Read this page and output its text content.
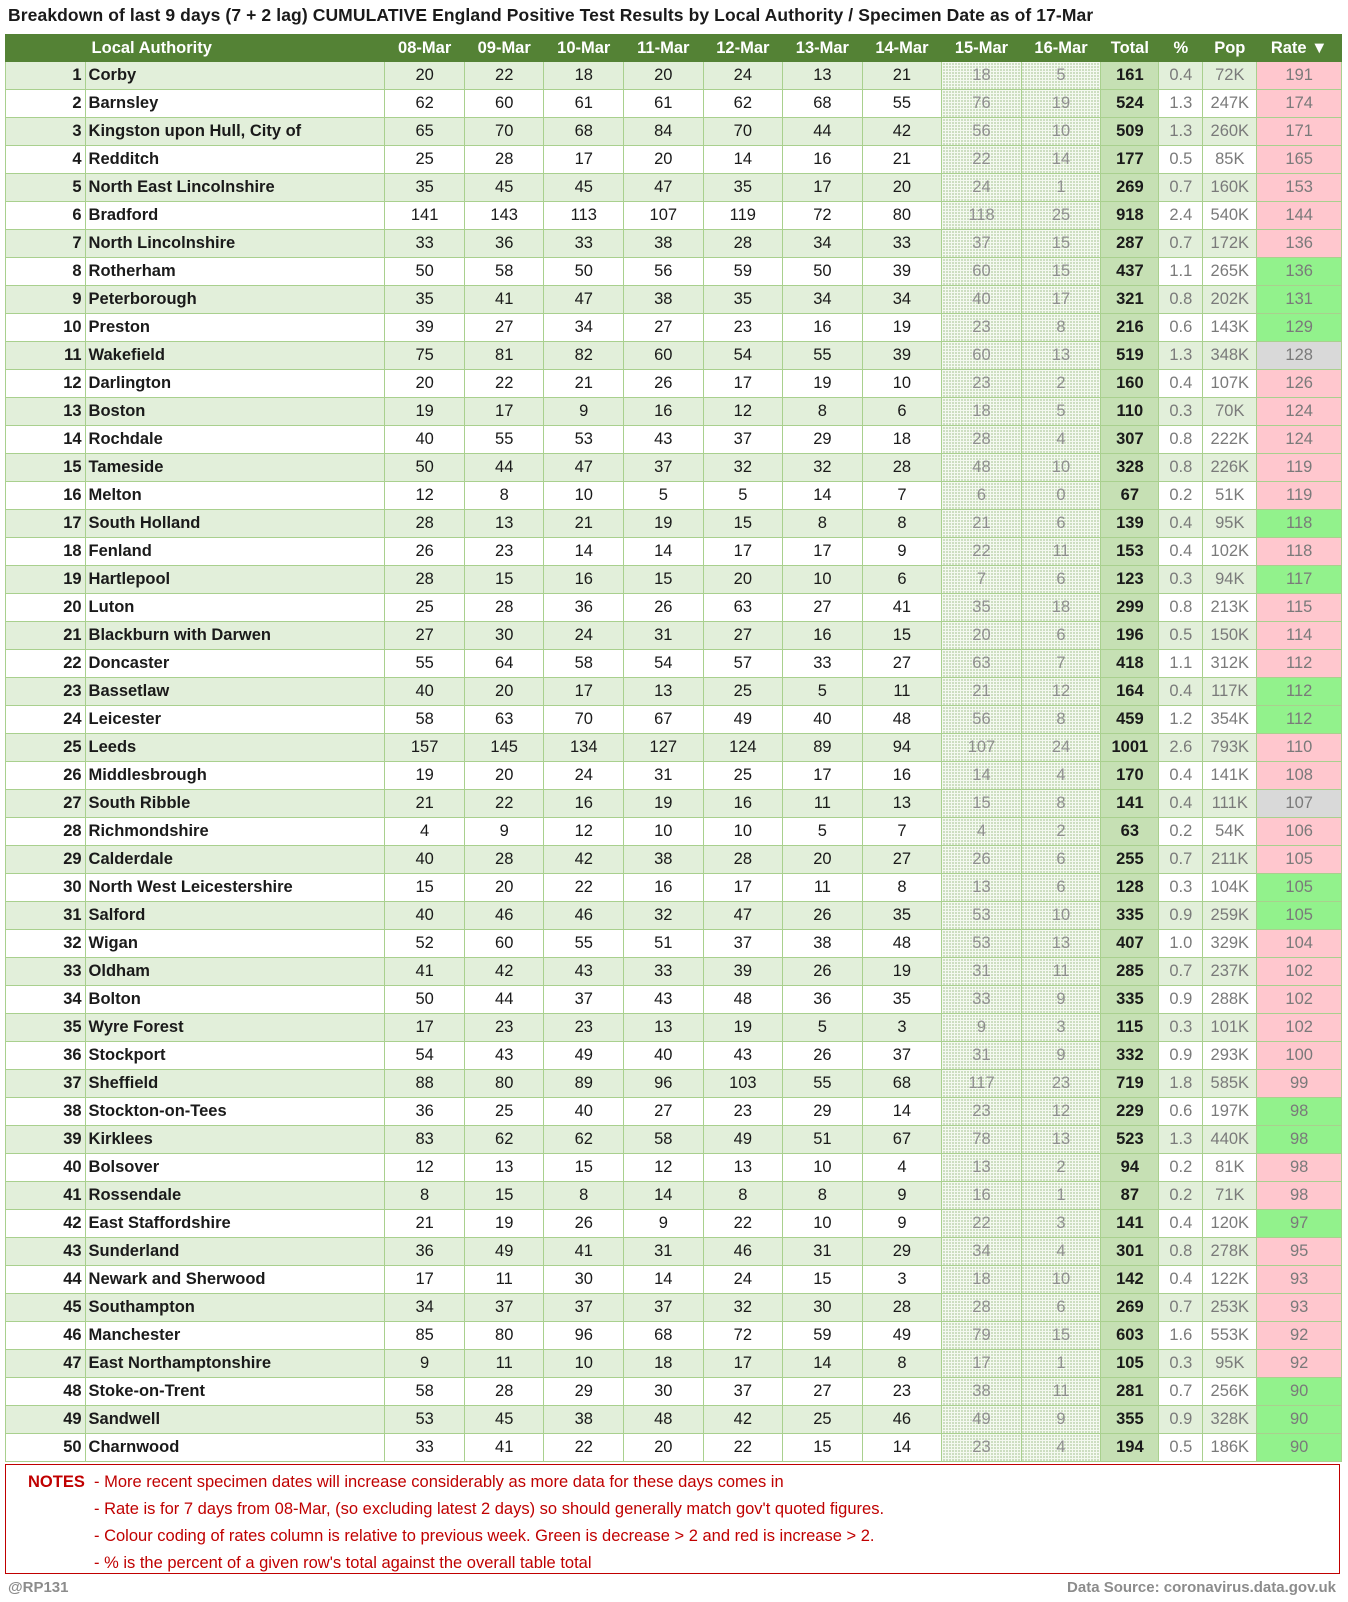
Breakdown of last 9 days (7 + 2 lag) CUMULATIVE England Positive Test Results by Local Authority / Specimen Date as of 17-Mar
	Local Authority	08-Mar	09-Mar	10-Mar	11-Mar	12-Mar	13-Mar	14-Mar	15-Mar	16-Mar	Total	%	Pop	Rate ▼
1	Corby	20	22	18	20	24	13	21	18	5	161	0.4	72K	191
2	Barnsley	62	60	61	61	62	68	55	76	19	524	1.3	247K	174
3	Kingston upon Hull, City of	65	70	68	84	70	44	42	56	10	509	1.3	260K	171
4	Redditch	25	28	17	20	14	16	21	22	14	177	0.5	85K	165
5	North East Lincolnshire	35	45	45	47	35	17	20	24	1	269	0.7	160K	153
6	Bradford	141	143	113	107	119	72	80	118	25	918	2.4	540K	144
7	North Lincolnshire	33	36	33	38	28	34	33	37	15	287	0.7	172K	136
8	Rotherham	50	58	50	56	59	50	39	60	15	437	1.1	265K	136
9	Peterborough	35	41	47	38	35	34	34	40	17	321	0.8	202K	131
10	Preston	39	27	34	27	23	16	19	23	8	216	0.6	143K	129
11	Wakefield	75	81	82	60	54	55	39	60	13	519	1.3	348K	128
12	Darlington	20	22	21	26	17	19	10	23	2	160	0.4	107K	126
13	Boston	19	17	9	16	12	8	6	18	5	110	0.3	70K	124
14	Rochdale	40	55	53	43	37	29	18	28	4	307	0.8	222K	124
15	Tameside	50	44	47	37	32	32	28	48	10	328	0.8	226K	119
16	Melton	12	8	10	5	5	14	7	6	0	67	0.2	51K	119
17	South Holland	28	13	21	19	15	8	8	21	6	139	0.4	95K	118
18	Fenland	26	23	14	14	17	17	9	22	11	153	0.4	102K	118
19	Hartlepool	28	15	16	15	20	10	6	7	6	123	0.3	94K	117
20	Luton	25	28	36	26	63	27	41	35	18	299	0.8	213K	115
21	Blackburn with Darwen	27	30	24	31	27	16	15	20	6	196	0.5	150K	114
22	Doncaster	55	64	58	54	57	33	27	63	7	418	1.1	312K	112
23	Bassetlaw	40	20	17	13	25	5	11	21	12	164	0.4	117K	112
24	Leicester	58	63	70	67	49	40	48	56	8	459	1.2	354K	112
25	Leeds	157	145	134	127	124	89	94	107	24	1001	2.6	793K	110
26	Middlesbrough	19	20	24	31	25	17	16	14	4	170	0.4	141K	108
27	South Ribble	21	22	16	19	16	11	13	15	8	141	0.4	111K	107
28	Richmondshire	4	9	12	10	10	5	7	4	2	63	0.2	54K	106
29	Calderdale	40	28	42	38	28	20	27	26	6	255	0.7	211K	105
30	North West Leicestershire	15	20	22	16	17	11	8	13	6	128	0.3	104K	105
31	Salford	40	46	46	32	47	26	35	53	10	335	0.9	259K	105
32	Wigan	52	60	55	51	37	38	48	53	13	407	1.0	329K	104
33	Oldham	41	42	43	33	39	26	19	31	11	285	0.7	237K	102
34	Bolton	50	44	37	43	48	36	35	33	9	335	0.9	288K	102
35	Wyre Forest	17	23	23	13	19	5	3	9	3	115	0.3	101K	102
36	Stockport	54	43	49	40	43	26	37	31	9	332	0.9	293K	100
37	Sheffield	88	80	89	96	103	55	68	117	23	719	1.8	585K	99
38	Stockton-on-Tees	36	25	40	27	23	29	14	23	12	229	0.6	197K	98
39	Kirklees	83	62	62	58	49	51	67	78	13	523	1.3	440K	98
40	Bolsover	12	13	15	12	13	10	4	13	2	94	0.2	81K	98
41	Rossendale	8	15	8	14	8	8	9	16	1	87	0.2	71K	98
42	East Staffordshire	21	19	26	9	22	10	9	22	3	141	0.4	120K	97
43	Sunderland	36	49	41	31	46	31	29	34	4	301	0.8	278K	95
44	Newark and Sherwood	17	11	30	14	24	15	3	18	10	142	0.4	122K	93
45	Southampton	34	37	37	37	32	30	28	28	6	269	0.7	253K	93
46	Manchester	85	80	96	68	72	59	49	79	15	603	1.6	553K	92
47	East Northamptonshire	9	11	10	18	17	14	8	17	1	105	0.3	95K	92
48	Stoke-on-Trent	58	28	29	30	37	27	23	38	11	281	0.7	256K	90
49	Sandwell	53	45	38	48	42	25	46	49	9	355	0.9	328K	90
50	Charnwood	33	41	22	20	22	15	14	23	4	194	0.5	186K	90
NOTES - More recent specimen dates will increase considerably as more data for these days comes in
- Rate is for 7 days from 08-Mar, (so excluding latest 2 days) so should generally match gov't quoted figures.
- Colour coding of rates column is relative to previous week. Green is decrease > 2 and red is increase > 2.
- % is the percent of a given row's total against the overall table total
@RP131	Data Source: coronavirus.data.gov.uk
